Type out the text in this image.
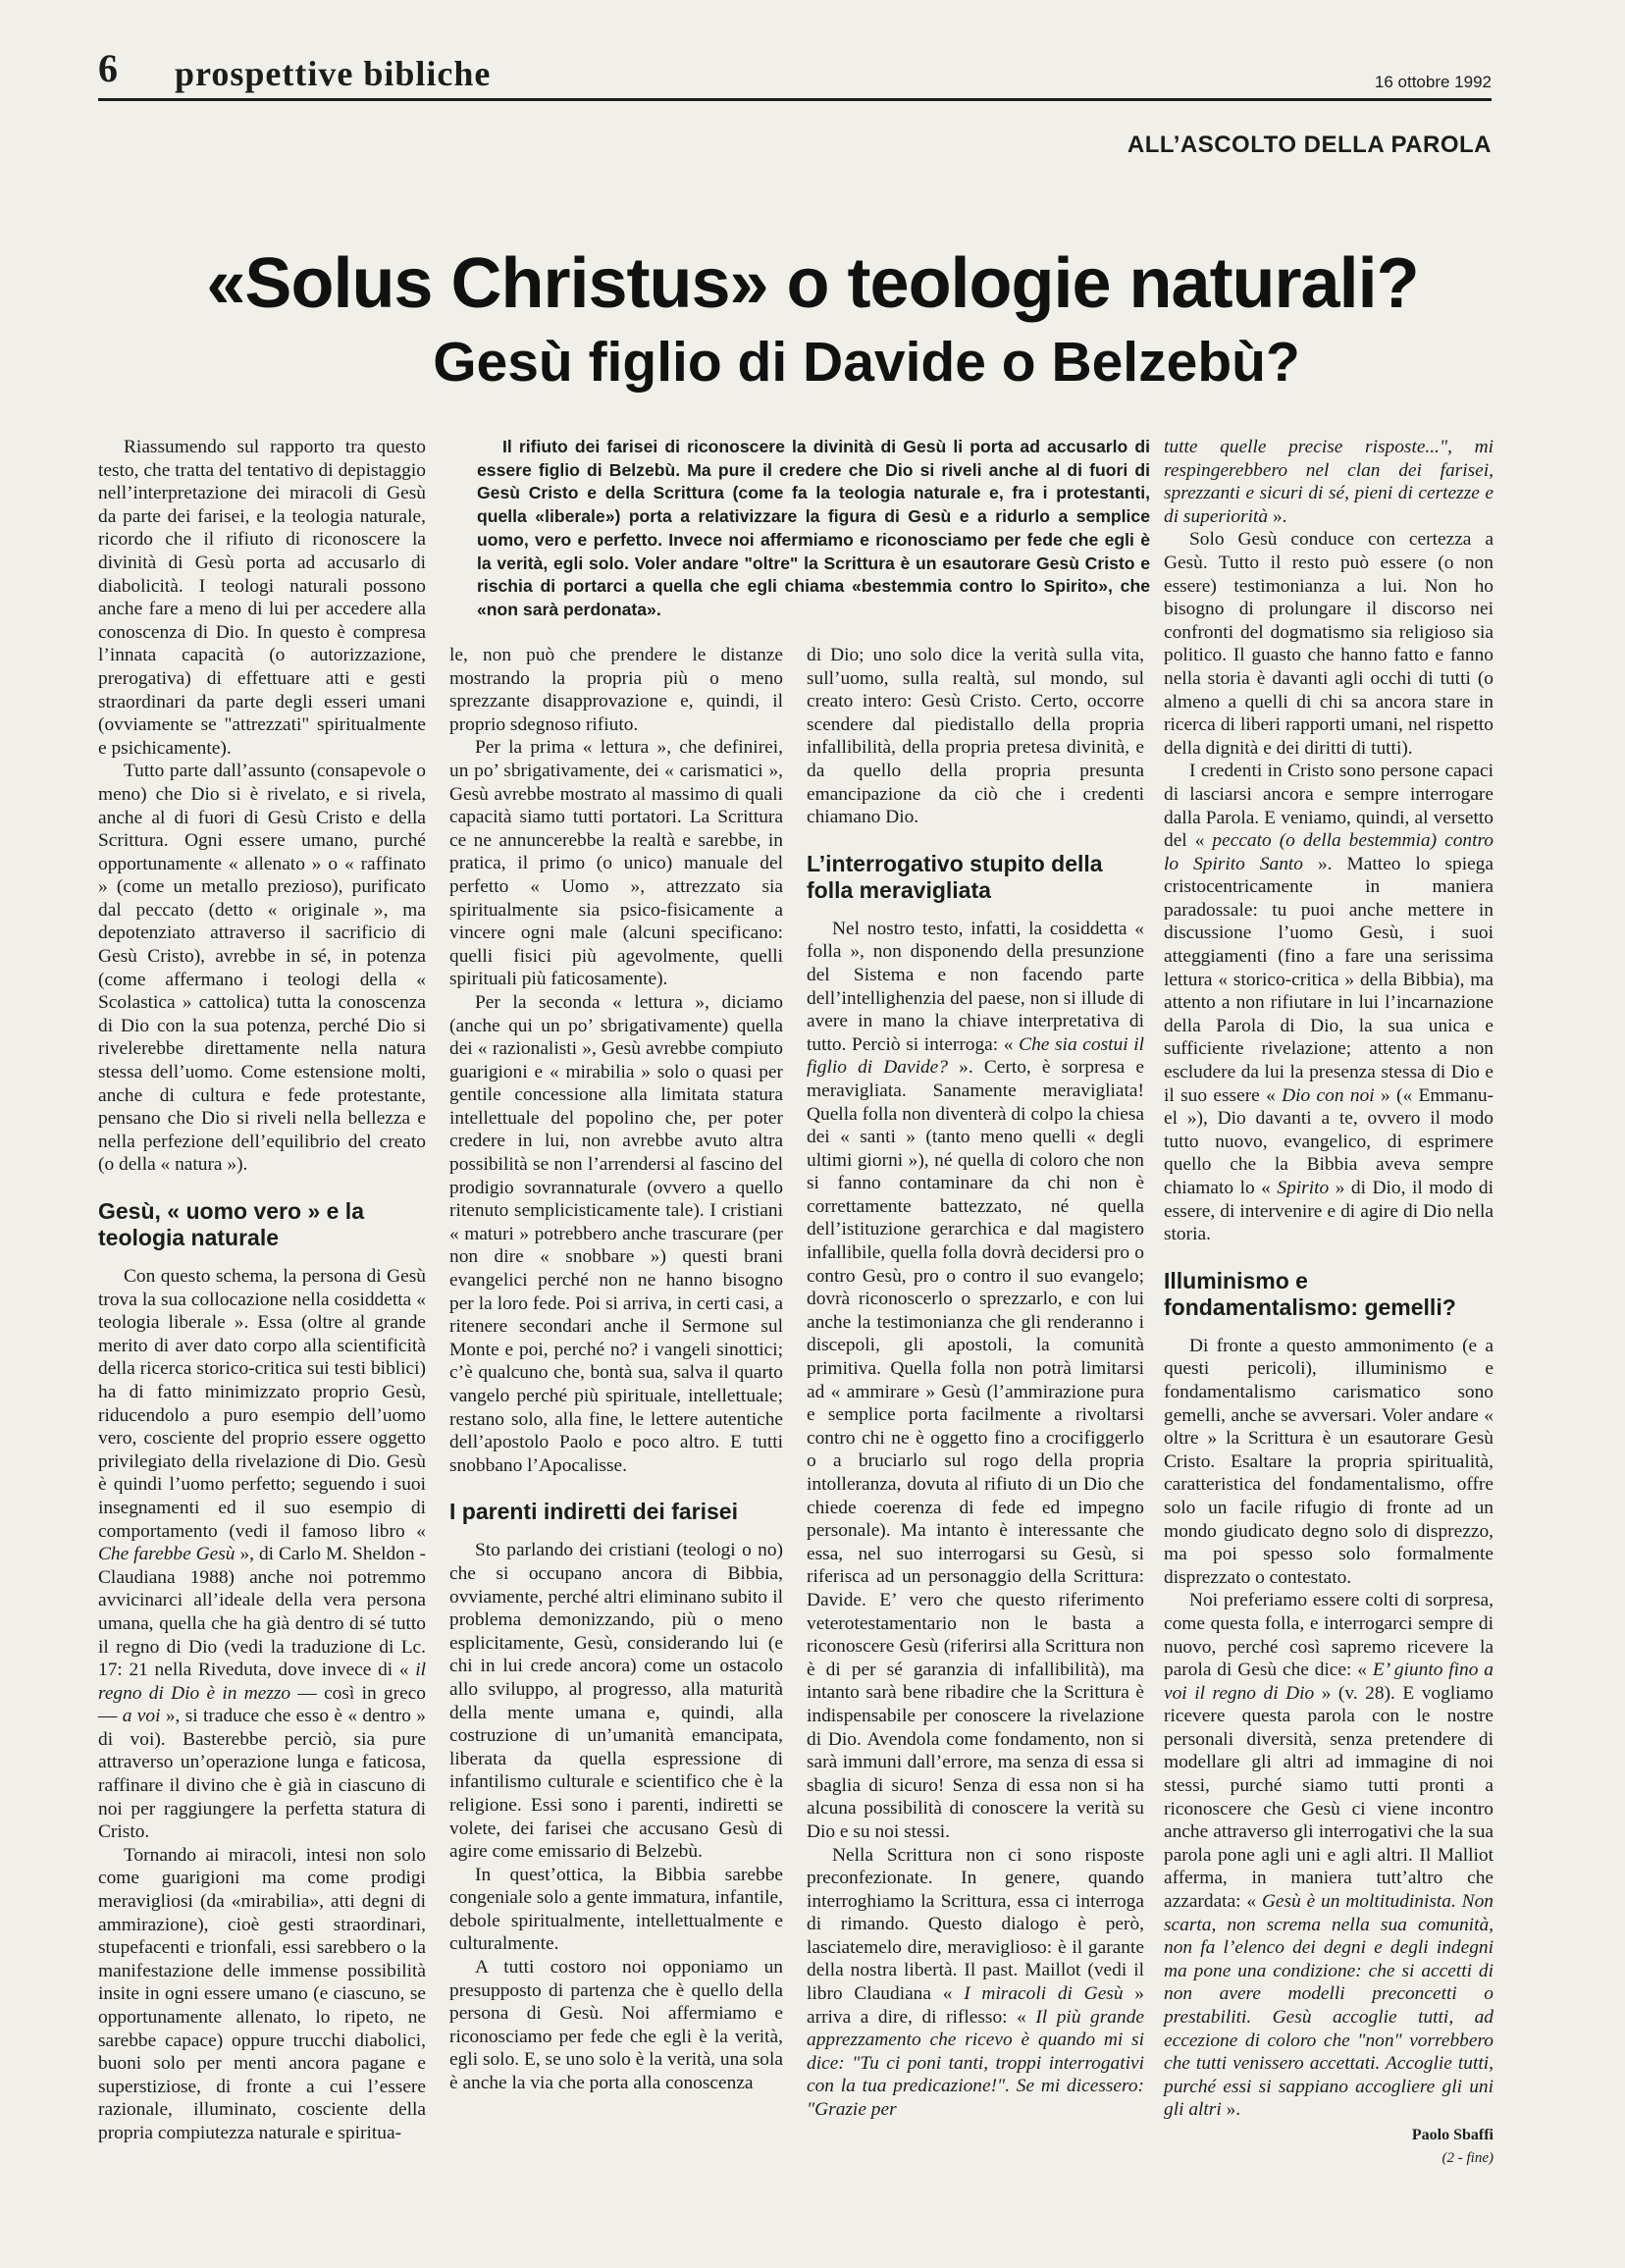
6 prospettive bibliche	16 ottobre 1992
ALL’ASCOLTO DELLA PAROLA
«Solus Christus» o teologie naturali?
Gesù figlio di Davide o Belzebù?

Riassumendo sul rapporto tra questo testo, che tratta del tentativo di depistaggio nell’interpretazione dei miracoli di Gesù da parte dei farisei, e la teologia naturale, ricordo che il rifiuto di riconoscere la divinità di Gesù porta ad accusarlo di diabolicità. I teologi naturali possono anche fare a meno di lui per accedere alla conoscenza di Dio. In questo è compresa l’innata capacità (o autorizzazione, prerogativa) di effettuare atti e gesti straordinari da parte degli esseri umani (ovviamente se "attrezzati" spiritualmente e psichicamente).

Tutto parte dall’assunto (consapevole o meno) che Dio si è rivelato, e si rivela, anche al di fuori di Gesù Cristo e della Scrittura. Ogni essere umano, purché opportunamente « allenato » o « raffinato » (come un metallo prezioso), purificato dal peccato (detto « originale », ma depotenziato attraverso il sacrificio di Gesù Cristo), avrebbe in sé, in potenza (come affermano i teologi della « Scolastica » cattolica) tutta la conoscenza di Dio con la sua potenza, perché Dio si rivelerebbe direttamente nella natura stessa dell’uomo. Come estensione molti, anche di cultura e fede protestante, pensano che Dio si riveli nella bellezza e nella perfezione dell’equilibrio del creato (o della « natura »).

Gesù, « uomo vero » e la teologia naturale

Con questo schema, la persona di Gesù trova la sua collocazione nella cosiddetta « teologia liberale ». Essa (oltre al grande merito di aver dato corpo alla scientificità della ricerca storico-critica sui testi biblici) ha di fatto minimizzato proprio Gesù, riducendolo a puro esempio dell’uomo vero, cosciente del proprio essere oggetto privilegiato della rivelazione di Dio. Gesù è quindi l’uomo perfetto; seguendo i suoi insegnamenti ed il suo esempio di comportamento (vedi il famoso libro « Che farebbe Gesù », di Carlo M. Sheldon - Claudiana 1988) anche noi potremmo avvicinarci all’ideale della vera persona umana, quella che ha già dentro di sé tutto il regno di Dio (vedi la traduzione di Lc. 17: 21 nella Riveduta, dove invece di « il regno di Dio è in mezzo — così in greco — a voi », si traduce che esso è « dentro » di voi). Basterebbe perciò, sia pure attraverso un’operazione lunga e faticosa, raffinare il divino che è già in ciascuno di noi per raggiungere la perfetta statura di Cristo.

Tornando ai miracoli, intesi non solo come guarigioni ma come prodigi meravigliosi (da «mirabilia», atti degni di ammirazione), cioè gesti straordinari, stupefacenti e trionfali, essi sarebbero o la manifestazione delle immense possibilità insite in ogni essere umano (e ciascuno, se opportunamente allenato, lo ripeto, ne sarebbe capace) oppure trucchi diabolici, buoni solo per menti ancora pagane e superstiziose, di fronte a cui l’essere razionale, illuminato, cosciente della propria compiutezza naturale e spiritua-

Il rifiuto dei farisei di riconoscere la divinità di Gesù li porta ad accusarlo di essere figlio di Belzebù. Ma pure il credere che Dio si riveli anche al di fuori di Gesù Cristo e della Scrittura (come fa la teologia naturale e, fra i protestanti, quella «liberale») porta a relativizzare la figura di Gesù e a ridurlo a semplice uomo, vero e perfetto. Invece noi affermiamo e riconosciamo per fede che egli è la verità, egli solo. Voler andare "oltre" la Scrittura è un esautorare Gesù Cristo e rischia di portarci a quella che egli chiama «bestemmia contro lo Spirito», che «non sarà perdonata».

le, non può che prendere le distanze mostrando la propria più o meno sprezzante disapprovazione e, quindi, il proprio sdegnoso rifiuto.

Per la prima « lettura », che definirei, un po’ sbrigativamente, dei « carismatici », Gesù avrebbe mostrato al massimo di quali capacità siamo tutti portatori. La Scrittura ce ne annuncerebbe la realtà e sarebbe, in pratica, il primo (o unico) manuale del perfetto « Uomo », attrezzato sia spiritualmente sia psico-fisicamente a vincere ogni male (alcuni specificano: quelli fisici più agevolmente, quelli spirituali più faticosamente).

Per la seconda « lettura », diciamo (anche qui un po’ sbrigativamente) quella dei « razionalisti », Gesù avrebbe compiuto guarigioni e « mirabilia » solo o quasi per gentile concessione alla limitata statura intellettuale del popolino che, per poter credere in lui, non avrebbe avuto altra possibilità se non l’arrendersi al fascino del prodigio sovrannaturale (ovvero a quello ritenuto semplicisticamente tale). I cristiani « maturi » potrebbero anche trascurare (per non dire « snobbare ») questi brani evangelici perché non ne hanno bisogno per la loro fede. Poi si arriva, in certi casi, a ritenere secondari anche il Sermone sul Monte e poi, perché no? i vangeli sinottici; c’è qualcuno che, bontà sua, salva il quarto vangelo perché più spirituale, intellettuale; restano solo, alla fine, le lettere autentiche dell’apostolo Paolo e poco altro. E tutti snobbano l’Apocalisse.

I parenti indiretti dei farisei

Sto parlando dei cristiani (teologi o no) che si occupano ancora di Bibbia, ovviamente, perché altri eliminano subito il problema demonizzando, più o meno esplicitamente, Gesù, considerando lui (e chi in lui crede ancora) come un ostacolo allo sviluppo, al progresso, alla maturità della mente umana e, quindi, alla costruzione di un’umanità emancipata, liberata da quella espressione di infantilismo culturale e scientifico che è la religione. Essi sono i parenti, indiretti se volete, dei farisei che accusano Gesù di agire come emissario di Belzebù.

In quest’ottica, la Bibbia sarebbe congeniale solo a gente immatura, infantile, debole spiritualmente, intellettualmente e culturalmente.

A tutti costoro noi opponiamo un presupposto di partenza che è quello della persona di Gesù. Noi affermiamo e riconosciamo per fede che egli è la verità, egli solo. E, se uno solo è la verità, una sola è anche la via che porta alla conoscenza

di Dio; uno solo dice la verità sulla vita, sull’uomo, sulla realtà, sul mondo, sul creato intero: Gesù Cristo. Certo, occorre scendere dal piedistallo della propria infallibilità, della propria pretesa divinità, e da quello della propria presunta emancipazione da ciò che i credenti chiamano Dio.

L’interrogativo stupito della folla meravigliata

Nel nostro testo, infatti, la cosiddetta « folla », non disponendo della presunzione del Sistema e non facendo parte dell’intellighenzia del paese, non si illude di avere in mano la chiave interpretativa di tutto. Perciò si interroga: « Che sia costui il figlio di Davide? ». Certo, è sorpresa e meravigliata. Sanamente meravigliata! Quella folla non diventerà di colpo la chiesa dei « santi » (tanto meno quelli « degli ultimi giorni »), né quella di coloro che non si fanno contaminare da chi non è correttamente battezzato, né quella dell’istituzione gerarchica e dal magistero infallibile, quella folla dovrà decidersi pro o contro Gesù, pro o contro il suo evangelo; dovrà riconoscerlo o sprezzarlo, e con lui anche la testimonianza che gli renderanno i discepoli, gli apostoli, la comunità primitiva. Quella folla non potrà limitarsi ad « ammirare » Gesù (l’ammirazione pura e semplice porta facilmente a rivoltarsi contro chi ne è oggetto fino a crocifiggerlo o a bruciarlo sul rogo della propria intolleranza, dovuta al rifiuto di un Dio che chiede coerenza di fede ed impegno personale). Ma intanto è interessante che essa, nel suo interrogarsi su Gesù, si riferisca ad un personaggio della Scrittura: Davide. E’ vero che questo riferimento veterotestamentario non le basta a riconoscere Gesù (riferirsi alla Scrittura non è di per sé garanzia di infallibilità), ma intanto sarà bene ribadire che la Scrittura è indispensabile per conoscere la rivelazione di Dio. Avendola come fondamento, non si sarà immuni dall’errore, ma senza di essa si sbaglia di sicuro! Senza di essa non si ha alcuna possibilità di conoscere la verità su Dio e su noi stessi.

Nella Scrittura non ci sono risposte preconfezionate. In genere, quando interroghiamo la Scrittura, essa ci interroga di rimando. Questo dialogo è però, lasciatemelo dire, meraviglioso: è il garante della nostra libertà. Il past. Maillot (vedi il libro Claudiana « I miracoli di Gesù » arriva a dire, di riflesso: « Il più grande apprezzamento che ricevo è quando mi si dice: "Tu ci poni tanti, troppi interrogativi con la tua predicazione!". Se mi dicessero: "Grazie per

tutte quelle precise risposte...", mi respingerebbero nel clan dei farisei, sprezzanti e sicuri di sé, pieni di certezze e di superiorità ».

Solo Gesù conduce con certezza a Gesù. Tutto il resto può essere (o non essere) testimonianza a lui. Non ho bisogno di prolungare il discorso nei confronti del dogmatismo sia religioso sia politico. Il guasto che hanno fatto e fanno nella storia è davanti agli occhi di tutti (o almeno a quelli di chi sa ancora stare in ricerca di liberi rapporti umani, nel rispetto della dignità e dei diritti di tutti).

I credenti in Cristo sono persone capaci di lasciarsi ancora e sempre interrogare dalla Parola. E veniamo, quindi, al versetto del « peccato (o della bestemmia) contro lo Spirito Santo ». Matteo lo spiega cristocentricamente in maniera paradossale: tu puoi anche mettere in discussione l’uomo Gesù, i suoi atteggiamenti (fino a fare una serissima lettura « storico-critica » della Bibbia), ma attento a non rifiutare in lui l’incarnazione della Parola di Dio, la sua unica e sufficiente rivelazione; attento a non escludere da lui la presenza stessa di Dio e il suo essere « Dio con noi » (« Emmanu-el »), Dio davanti a te, ovvero il modo tutto nuovo, evangelico, di esprimere quello che la Bibbia aveva sempre chiamato lo « Spirito » di Dio, il modo di essere, di intervenire e di agire di Dio nella storia.

Illuminismo e fondamentalismo: gemelli?

Di fronte a questo ammonimento (e a questi pericoli), illuminismo e fondamentalismo carismatico sono gemelli, anche se avversari. Voler andare « oltre » la Scrittura è un esautorare Gesù Cristo. Esaltare la propria spiritualità, caratteristica del fondamentalismo, offre solo un facile rifugio di fronte ad un mondo giudicato degno solo di disprezzo, ma poi spesso solo formalmente disprezzato o contestato.

Noi preferiamo essere colti di sorpresa, come questa folla, e interrogarci sempre di nuovo, perché così sapremo ricevere la parola di Gesù che dice: « E’ giunto fino a voi il regno di Dio » (v. 28). E vogliamo ricevere questa parola con le nostre personali diversità, senza pretendere di modellare gli altri ad immagine di noi stessi, purché siamo tutti pronti a riconoscere che Gesù ci viene incontro anche attraverso gli interrogativi che la sua parola pone agli uni e agli altri. Il Malliot afferma, in maniera tutt’altro che azzardata: « Gesù è un moltitudinista. Non scarta, non screma nella sua comunità, non fa l’elenco dei degni e degli indegni ma pone una condizione: che si accetti di non avere modelli preconcetti o prestabiliti. Gesù accoglie tutti, ad eccezione di coloro che "non" vorrebbero che tutti venissero accettati. Accoglie tutti, purché essi si sappiano accogliere gli uni gli altri ».

Paolo Sbaffi
(2 - fine)
